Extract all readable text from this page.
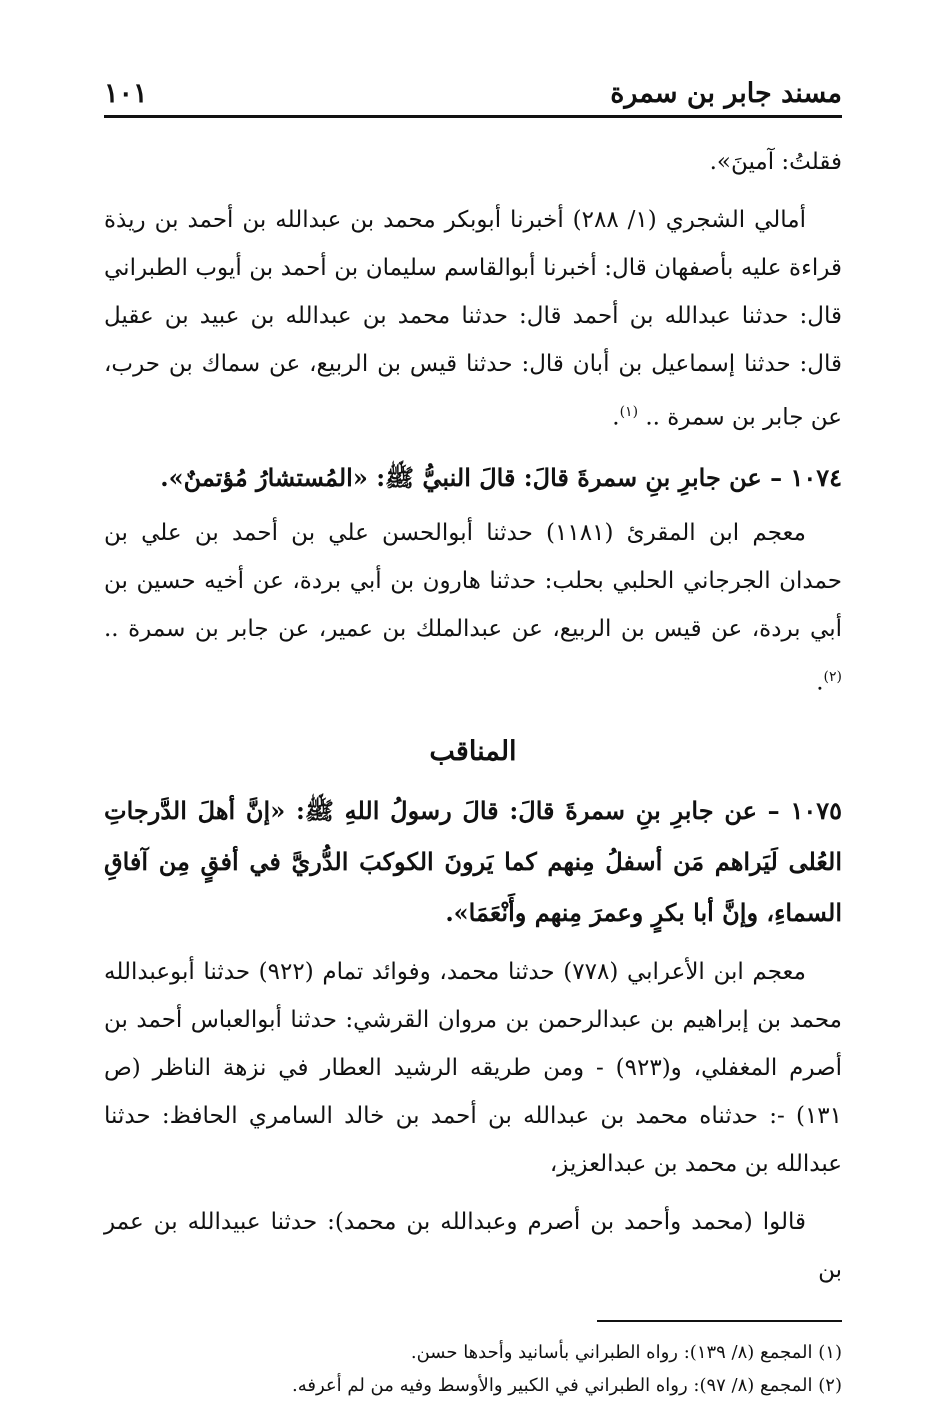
مسند جابر بن سمرة
١٠١

فقلتُ: آمينَ».

أمالي الشجري (١/ ٢٨٨) أخبرنا أبوبكر محمد بن عبدالله بن أحمد بن ريذة قراءة عليه بأصفهان قال: أخبرنا أبوالقاسم سليمان بن أحمد بن أيوب الطبراني قال: حدثنا عبدالله بن أحمد قال: حدثنا محمد بن عبدالله بن عبيد بن عقيل قال: حدثنا إسماعيل بن أبان قال: حدثنا قيس بن الربيع، عن سماك بن حرب، عن جابر بن سمرة .. $^{(١)}$.

١٠٧٤ – عن جابرِ بنِ سمرةَ قالَ: قالَ النبيُّ ﷺ: «المُستشارُ مُؤتمنٌ».

معجم ابن المقرئ (١١٨١) حدثنا أبوالحسن علي بن أحمد بن علي بن حمدان الجرجاني الحلبي بحلب: حدثنا هارون بن أبي بردة، عن أخيه حسين بن أبي بردة، عن قيس بن الربيع، عن عبدالملك بن عمير، عن جابر بن سمرة .. $^{(٢)}$.

المناقب

١٠٧٥ – عن جابرِ بنِ سمرةَ قالَ: قالَ رسولُ اللهِ ﷺ: «إنَّ أهلَ الدَّرجاتِ العُلى لَيَراهم مَن أسفلُ مِنهم كما يَرونَ الكوكبَ الدُّريَّ في أفقٍ مِن آفاقِ السماءِ، وإنَّ أبا بكرٍ وعمرَ مِنهم وأَنْعَمَا».

معجم ابن الأعرابي (٧٧٨) حدثنا محمد، وفوائد تمام (٩٢٢) حدثنا أبوعبدالله محمد بن إبراهيم بن عبدالرحمن بن مروان القرشي: حدثنا أبوالعباس أحمد بن أصرم المغفلي، و(٩٢٣) - ومن طريقه الرشيد العطار في نزهة الناظر (ص ١٣١) -: حدثناه محمد بن عبدالله بن أحمد بن خالد السامري الحافظ: حدثنا عبدالله بن محمد بن عبدالعزيز،

قالوا (محمد وأحمد بن أصرم وعبدالله بن محمد): حدثنا عبيدالله بن عمر بن

(١) المجمع (٨/ ١٣٩): رواه الطبراني بأسانيد وأحدها حسن.

(٢) المجمع (٨/ ٩٧): رواه الطبراني في الكبير والأوسط وفيه من لم أعرفه.
